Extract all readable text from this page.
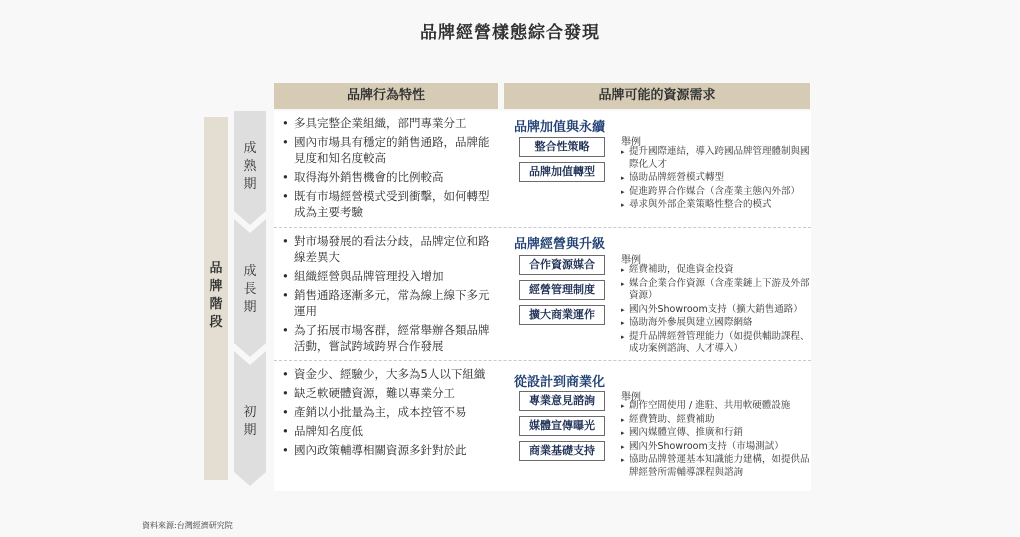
品牌經營樣態綜合發現
品牌行為特性	品牌可能的資源需求
品
牌
階
段
成
熟
期
成
長
期
初
期
• 多具完整企業組織，部門專業分工
• 國內市場具有穩定的銷售通路，品牌能見度和知名度較高
• 取得海外銷售機會的比例較高
• 既有市場經營模式受到衝擊，如何轉型成為主要考驗
品牌加值與永續
整合性策略
品牌加值轉型
舉例
▸ 提升國際連結，導入跨國品牌管理體制與國際化人才
▸ 協助品牌經營模式轉型
▸ 促進跨界合作媒合（含產業主態內外部）
▸ 尋求與外部企業策略性整合的模式
• 對市場發展的看法分歧，品牌定位和路線差異大
• 組織經營與品牌管理投入增加
• 銷售通路逐漸多元，常為線上線下多元運用
• 為了拓展市場客群，經常舉辦各類品牌活動，嘗試跨域跨界合作發展
品牌經營與升級
合作資源媒合
經營管理制度
擴大商業運作
舉例
▸ 經費補助，促進資金投資
▸ 媒合企業合作資源（含產業鏈上下游及外部資源）
▸ 國內外Showroom支持（擴大銷售通路）
▸ 協助海外參展與建立國際網絡
▸ 提升品牌經營管理能力（如提供輔助課程、成功案例諮詢、人才導入）
• 資金少、經驗少，大多為5人以下組織
• 缺乏軟硬體資源，難以專業分工
• 產銷以小批量為主，成本控管不易
• 品牌知名度低
• 國內政策輔導相關資源多針對於此
從設計到商業化
專業意見諮詢
媒體宣傳曝光
商業基礎支持
舉例
▸ 創作空間使用 / 進駐、共用軟硬體設施
▸ 經費贊助、經費補助
▸ 國內媒體宣傳、推廣和行銷
▸ 國內外Showroom支持（市場測試）
▸ 協助品牌營運基本知識能力建構，如提供品牌經營所需輔導課程與諮詢
資料來源:台灣經濟研究院
